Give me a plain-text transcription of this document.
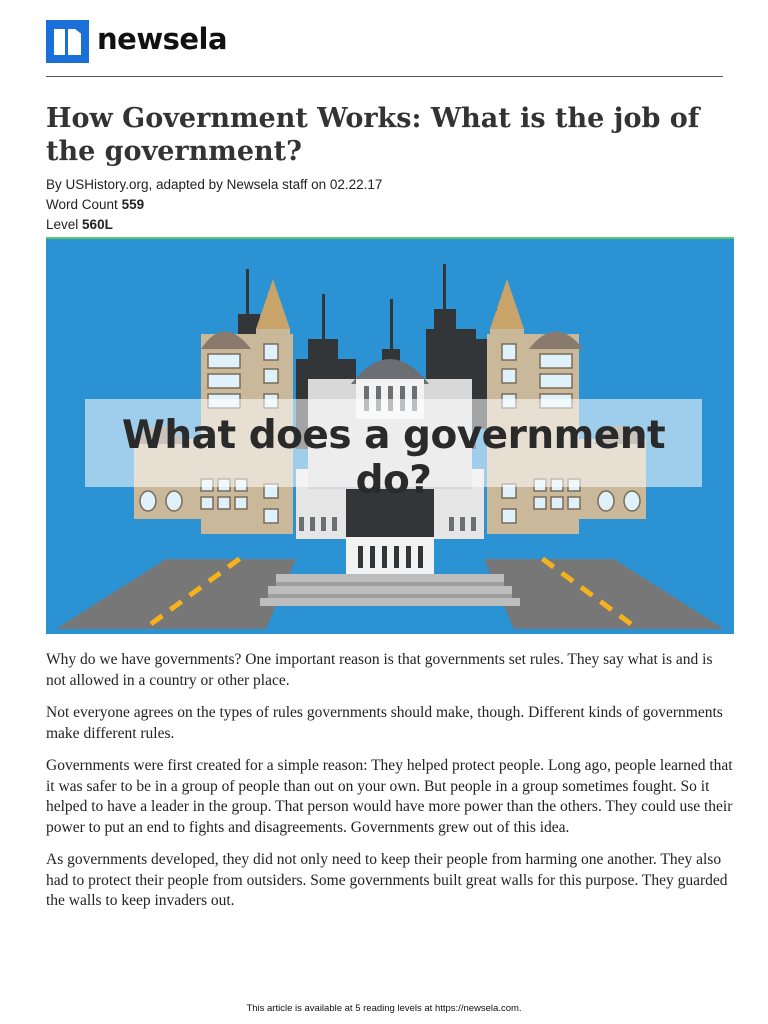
newsela
How Government Works: What is the job of the government?
By USHistory.org, adapted by Newsela staff on 02.22.17
Word Count 559
Level 560L
What does a government do?

Why do we have governments? One important reason is that governments set rules. They say what is and is not allowed in a country or other place.

Not everyone agrees on the types of rules governments should make, though. Different kinds of governments make different rules.

Governments were first created for a simple reason: They helped protect people. Long ago, people learned that it was safer to be in a group of people than out on your own. But people in a group sometimes fought. So it helped to have a leader in the group. That person would have more power than the others. They could use their power to put an end to fights and disagreements. Governments grew out of this idea.

As governments developed, they did not only need to keep their people from harming one another. They also had to protect their people from outsiders. Some governments built great walls for this purpose. They guarded the walls to keep invaders out.

This article is available at 5 reading levels at https://newsela.com.
